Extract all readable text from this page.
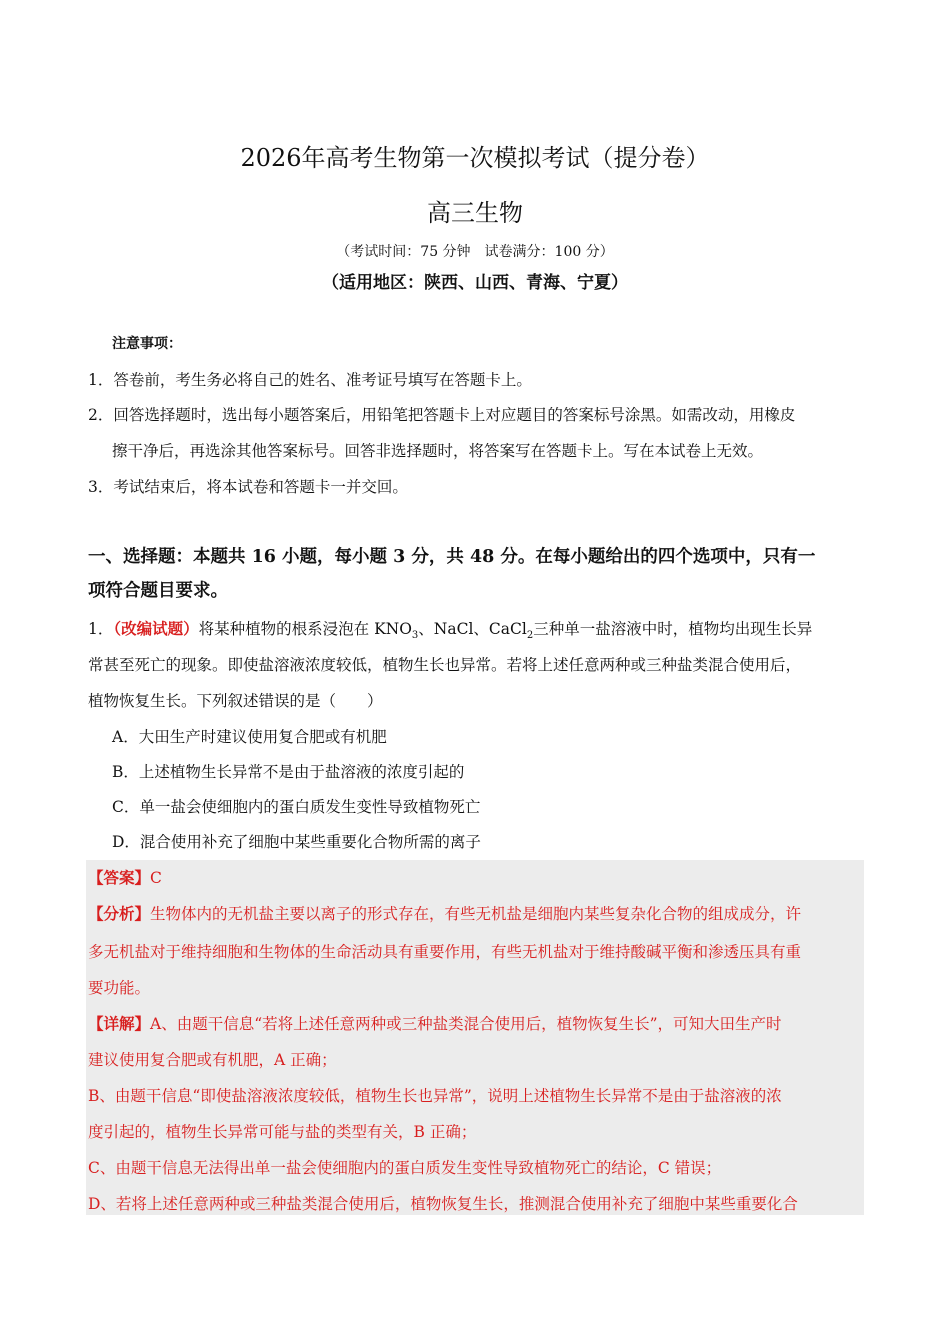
2026年高考生物第一次模拟考试（提分卷）
高三生物
（考试时间：75 分钟　试卷满分：100 分）
（适用地区：陕西、山西、青海、宁夏）
注意事项：
1．答卷前，考生务必将自己的姓名、准考证号填写在答题卡上。
2．回答选择题时，选出每小题答案后，用铅笔把答题卡上对应题目的答案标号涂黑。如需改动，用橡皮
擦干净后，再选涂其他答案标号。回答非选择题时，将答案写在答题卡上。写在本试卷上无效。
3．考试结束后，将本试卷和答题卡一并交回。
一、选择题：本题共 16 小题，每小题 3 分，共 48 分。在每小题给出的四个选项中，只有一
项符合题目要求。
1．（改编试题）将某种植物的根系浸泡在 $KNO_3$、NaCl、CaCl$_2$三种单一盐溶液中时，植物均出现生长异
常甚至死亡的现象。即使盐溶液浓度较低，植物生长也异常。若将上述任意两种或三种盐类混合使用后，
植物恢复生长。下列叙述错误的是（　　）
A．大田生产时建议使用复合肥或有机肥
B．上述植物生长异常不是由于盐溶液的浓度引起的
C．单一盐会使细胞内的蛋白质发生变性导致植物死亡
D．混合使用补充了细胞中某些重要化合物所需的离子
【答案】C
【分析】生物体内的无机盐主要以离子的形式存在，有些无机盐是细胞内某些复杂化合物的组成成分，许
多无机盐对于维持细胞和生物体的生命活动具有重要作用，有些无机盐对于维持酸碱平衡和渗透压具有重
要功能。
【详解】A、由题干信息“若将上述任意两种或三种盐类混合使用后，植物恢复生长”，可知大田生产时
建议使用复合肥或有机肥，A 正确；
B、由题干信息“即使盐溶液浓度较低，植物生长也异常”，说明上述植物生长异常不是由于盐溶液的浓
度引起的，植物生长异常可能与盐的类型有关，B 正确；
C、由题干信息无法得出单一盐会使细胞内的蛋白质发生变性导致植物死亡的结论，C 错误；
D、若将上述任意两种或三种盐类混合使用后，植物恢复生长，推测混合使用补充了细胞中某些重要化合
